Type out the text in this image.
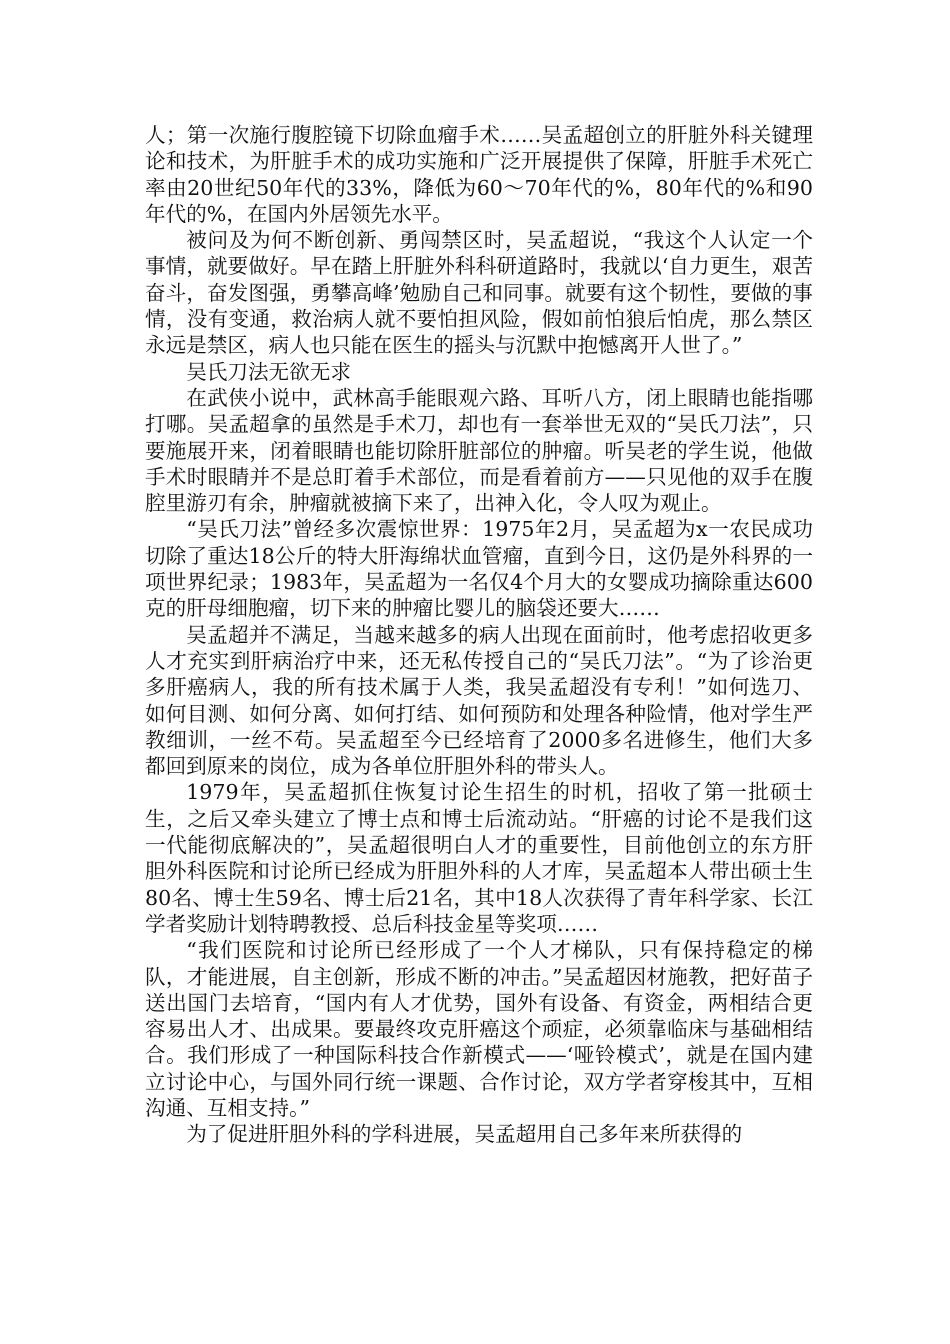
人；第一次施行腹腔镜下切除血瘤手术……吴孟超创立的肝脏外科关键理论和技术，为肝脏手术的成功实施和广泛开展提供了保障，肝脏手术死亡率由20世纪50年代的33%，降低为60～70年代的%，80年代的%和90年代的%，在国内外居领先水平。

被问及为何不断创新、勇闯禁区时，吴孟超说，“我这个人认定一个事情，就要做好。早在踏上肝脏外科科研道路时，我就以‘自力更生，艰苦奋斗，奋发图强，勇攀高峰’勉励自己和同事。就要有这个韧性，要做的事情，没有变通，救治病人就不要怕担风险，假如前怕狼后怕虎，那么禁区永远是禁区，病人也只能在医生的摇头与沉默中抱憾离开人世了。”

吴氏刀法无欲无求

在武侠小说中，武林高手能眼观六路、耳听八方，闭上眼睛也能指哪打哪。吴孟超拿的虽然是手术刀，却也有一套举世无双的“吴氏刀法”，只要施展开来，闭着眼睛也能切除肝脏部位的肿瘤。听吴老的学生说，他做手术时眼睛并不是总盯着手术部位，而是看着前方——只见他的双手在腹腔里游刃有余，肿瘤就被摘下来了，出神入化，令人叹为观止。

“吴氏刀法”曾经多次震惊世界：1975年2月，吴孟超为x一农民成功切除了重达18公斤的特大肝海绵状血管瘤，直到今日，这仍是外科界的一项世界纪录；1983年，吴孟超为一名仅4个月大的女婴成功摘除重达600克的肝母细胞瘤，切下来的肿瘤比婴儿的脑袋还要大……

吴孟超并不满足，当越来越多的病人出现在面前时，他考虑招收更多人才充实到肝病治疗中来，还无私传授自己的“吴氏刀法”。“为了诊治更多肝癌病人，我的所有技术属于人类，我吴孟超没有专利！”如何选刀、如何目测、如何分离、如何打结、如何预防和处理各种险情，他对学生严教细训，一丝不苟。吴孟超至今已经培育了2000多名进修生，他们大多都回到原来的岗位，成为各单位肝胆外科的带头人。

1979年，吴孟超抓住恢复讨论生招生的时机，招收了第一批硕士生，之后又牵头建立了博士点和博士后流动站。“肝癌的讨论不是我们这一代能彻底解决的”，吴孟超很明白人才的重要性，目前他创立的东方肝胆外科医院和讨论所已经成为肝胆外科的人才库，吴孟超本人带出硕士生80名、博士生59名、博士后21名，其中18人次获得了青年科学家、长江学者奖励计划特聘教授、总后科技金星等奖项……

“我们医院和讨论所已经形成了一个人才梯队，只有保持稳定的梯队，才能进展，自主创新，形成不断的冲击。”吴孟超因材施教，把好苗子送出国门去培育，“国内有人才优势，国外有设备、有资金，两相结合更容易出人才、出成果。要最终攻克肝癌这个顽症，必须靠临床与基础相结合。我们形成了一种国际科技合作新模式——‘哑铃模式’，就是在国内建立讨论中心，与国外同行统一课题、合作讨论，双方学者穿梭其中，互相沟通、互相支持。”

为了促进肝胆外科的学科进展，吴孟超用自己多年来所获得的
